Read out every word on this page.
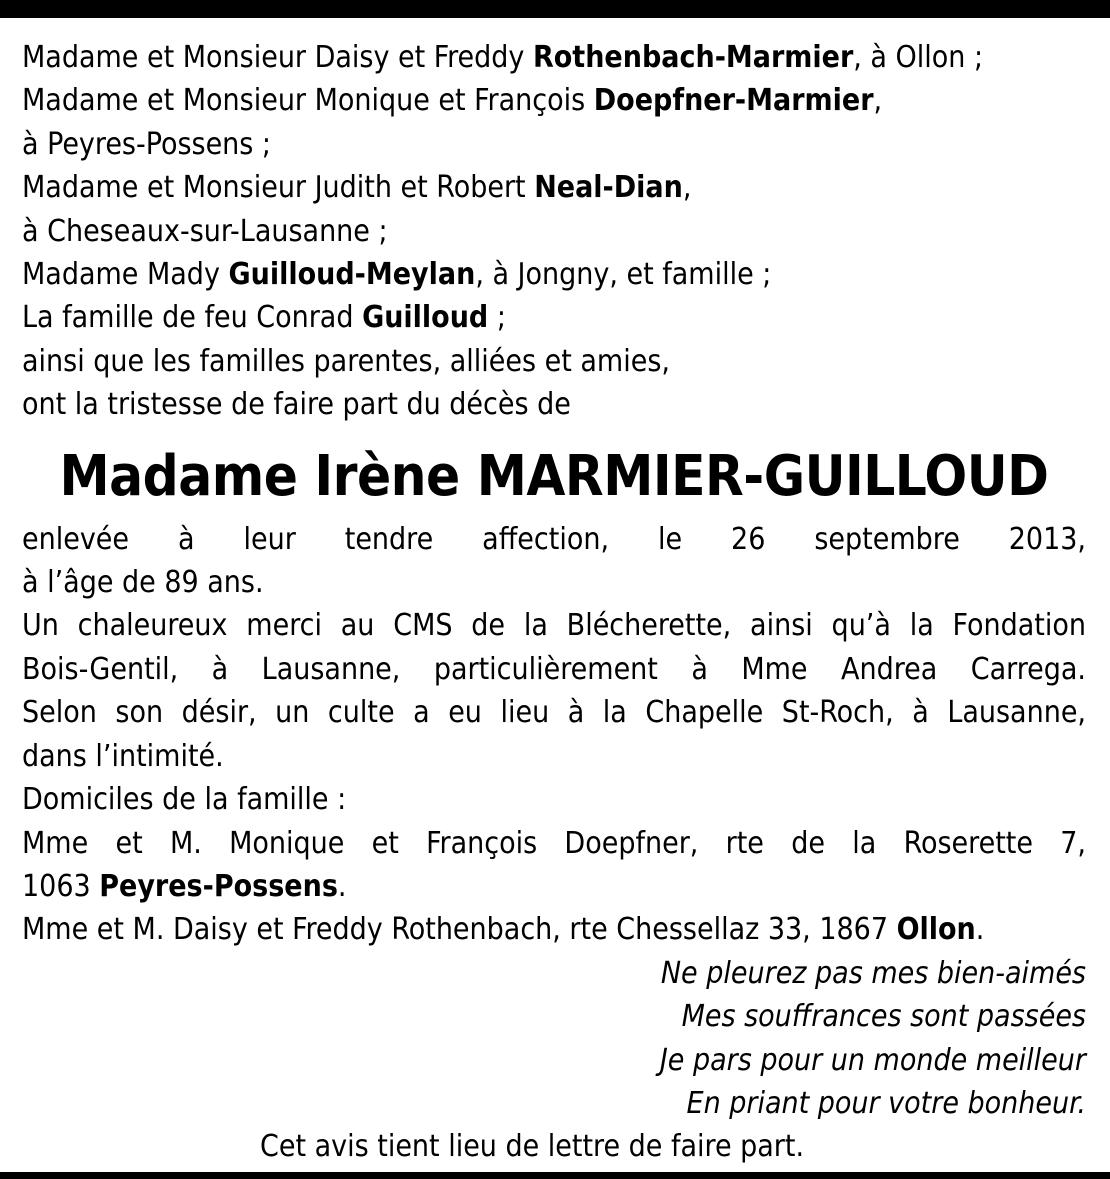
Madame et Monsieur Daisy et Freddy Rothenbach-Marmier, à Ollon ;
Madame et Monsieur Monique et François Doepfner-Marmier,
à Peyres-Possens ;
Madame et Monsieur Judith et Robert Neal-Dian,
à Cheseaux-sur-Lausanne ;
Madame Mady Guilloud-Meylan, à Jongny, et famille ;
La famille de feu Conrad Guilloud ;
ainsi que les familles parentes, alliées et amies,
ont la tristesse de faire part du décès de
Madame Irène MARMIER-GUILLOUD
enlevée à leur tendre affection, le 26 septembre 2013,
à l’âge de 89 ans.
Un chaleureux merci au CMS de la Blécherette, ainsi qu’à la Fondation
Bois-Gentil, à Lausanne, particulièrement à Mme Andrea Carrega.
Selon son désir, un culte a eu lieu à la Chapelle St-Roch, à Lausanne,
dans l’intimité.
Domiciles de la famille :
Mme et M. Monique et François Doepfner, rte de la Roserette 7,
1063 Peyres-Possens.
Mme et M. Daisy et Freddy Rothenbach, rte Chessellaz 33, 1867 Ollon.
Ne pleurez pas mes bien-aimés
Mes souffrances sont passées
Je pars pour un monde meilleur
En priant pour votre bonheur.
Cet avis tient lieu de lettre de faire part.
